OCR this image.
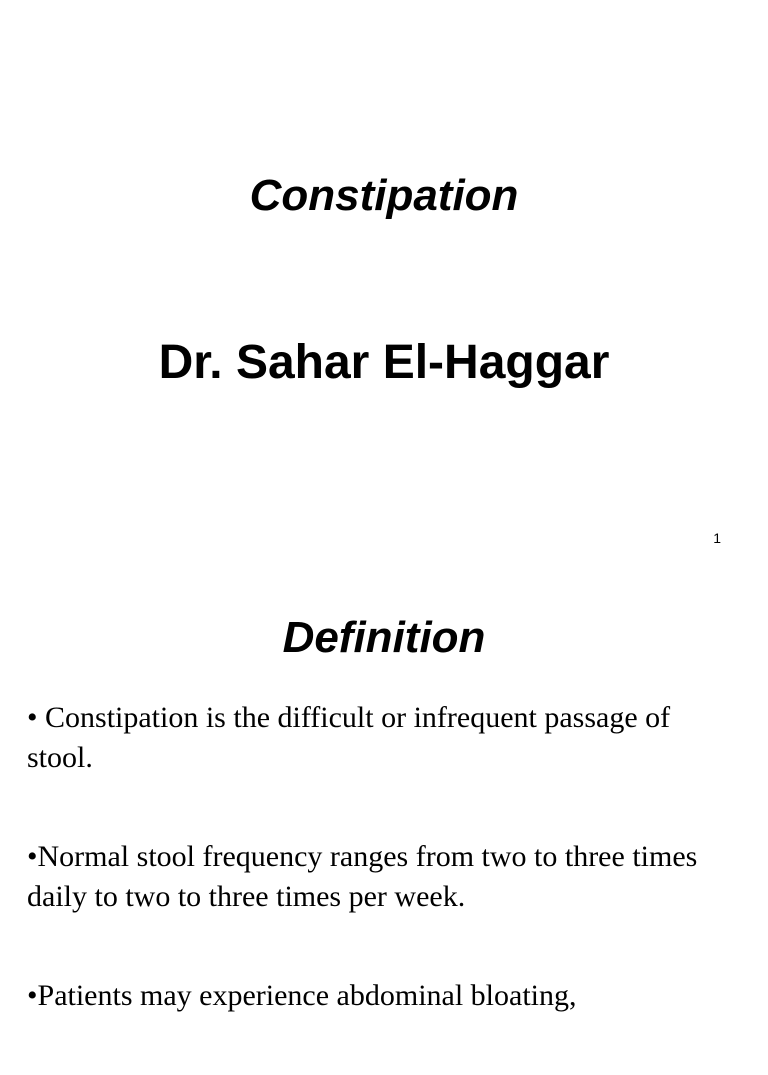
Constipation
Dr. Sahar El-Haggar
1
Definition
• Constipation is the difficult or infrequent passage of stool.
•Normal stool frequency ranges from two to three times daily to two to three times per week.
•Patients may experience abdominal bloating,
